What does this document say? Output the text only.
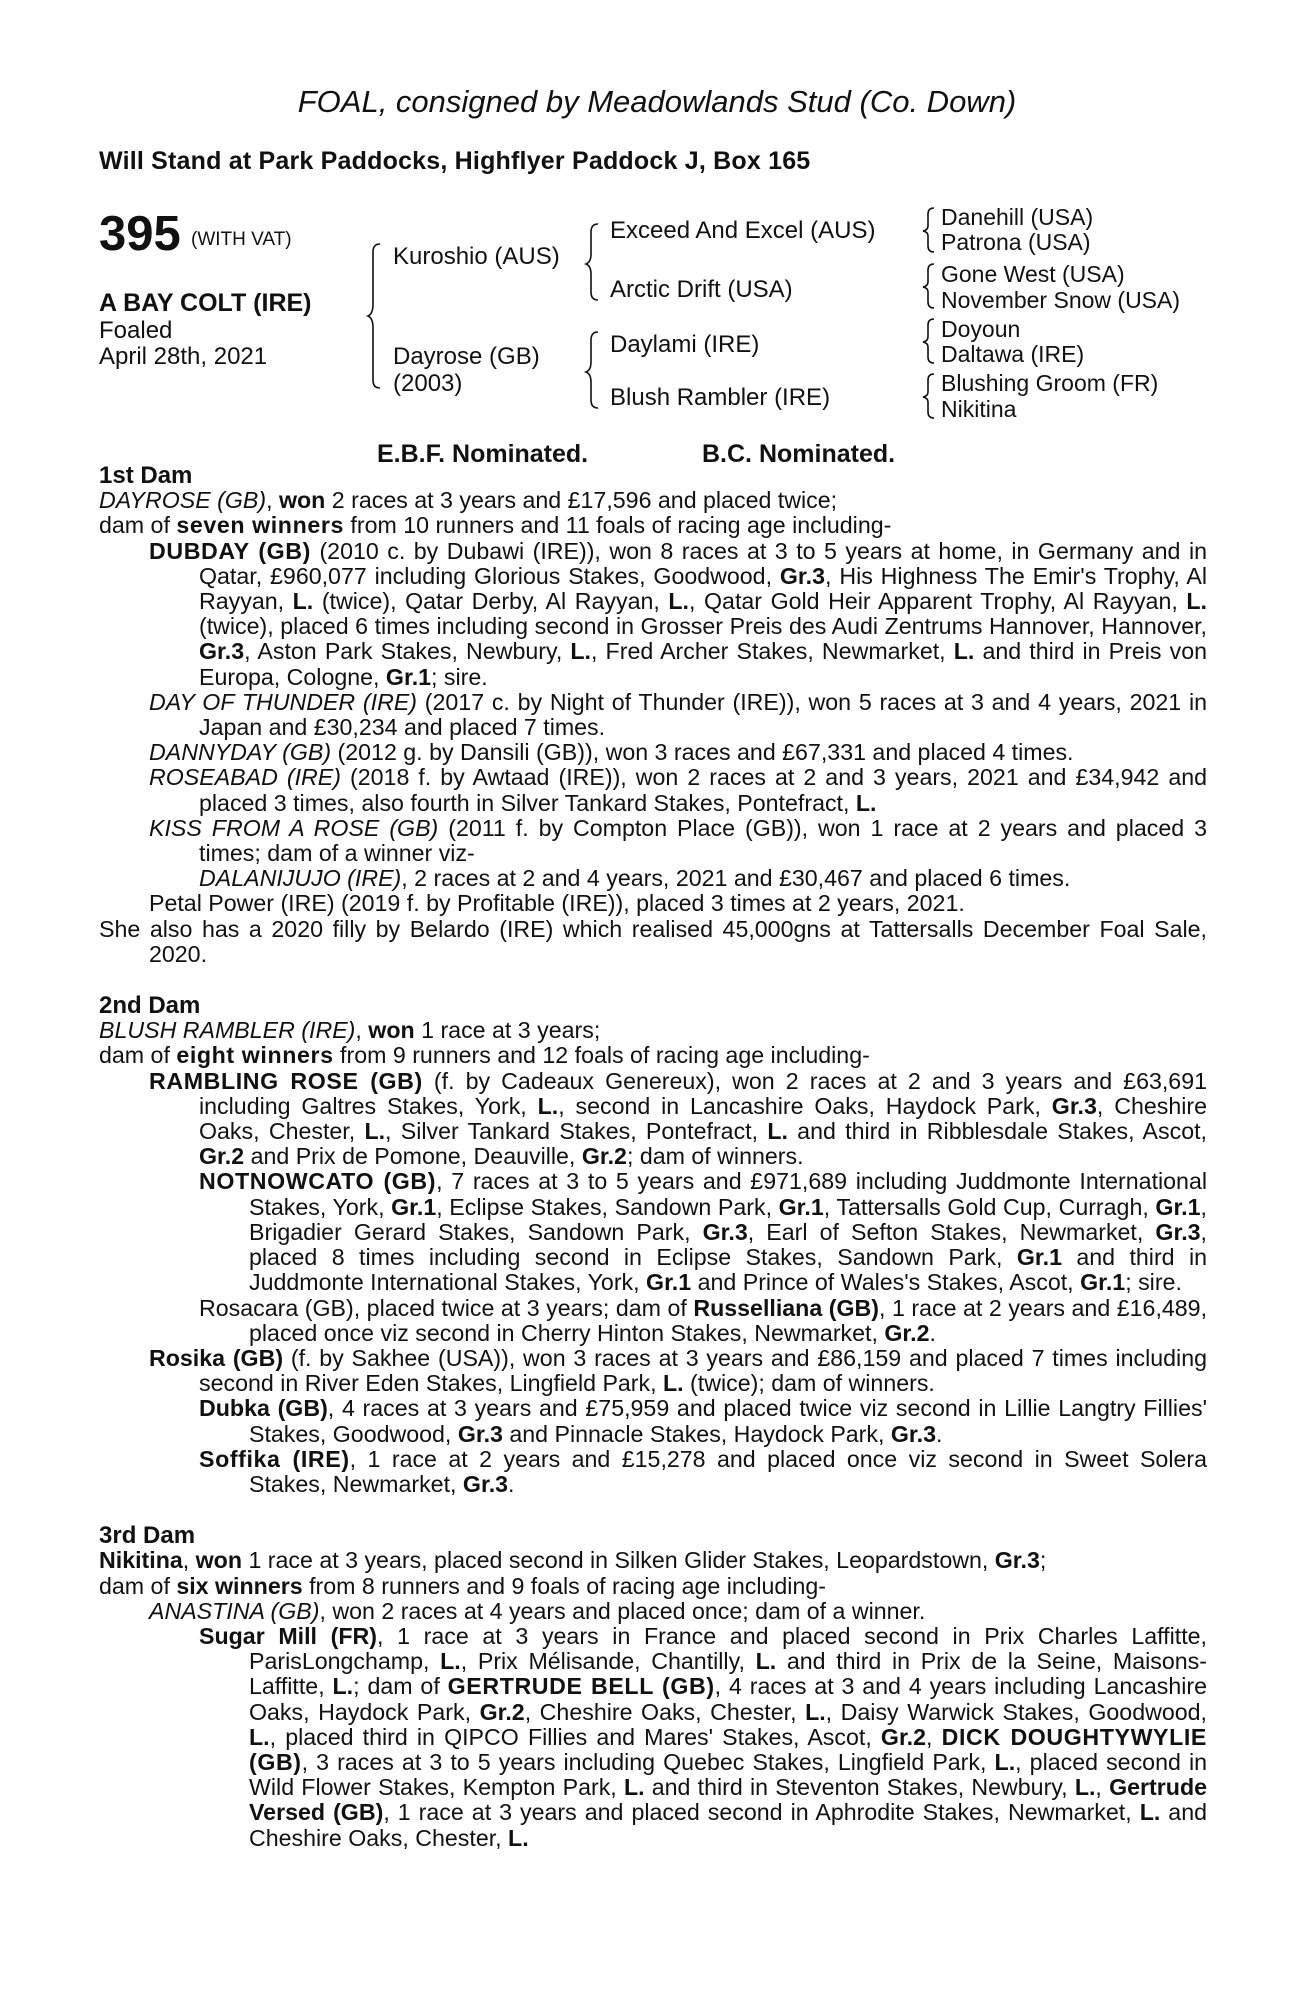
FOAL, consigned by Meadowlands Stud (Co. Down)
Will Stand at Park Paddocks, Highflyer Paddock J, Box 165
395 (WITH VAT)
A BAY COLT (IRE)
Foaled
April 28th, 2021
Kuroshio (AUS)
Dayrose (GB)
(2003)
Exceed And Excel (AUS)
Arctic Drift (USA)
Daylami (IRE)
Blush Rambler (IRE)
Danehill (USA)
Patrona (USA)
Gone West (USA)
November Snow (USA)
Doyoun
Daltawa (IRE)
Blushing Groom (FR)
Nikitina
E.B.F. Nominated.	B.C. Nominated.
1st Dam
DAYROSE (GB), won 2 races at 3 years and £17,596 and placed twice;
dam of seven winners from 10 runners and 11 foals of racing age including-
DUBDAY (GB) (2010 c. by Dubawi (IRE)), won 8 races at 3 to 5 years at home, in Germany and in Qatar, £960,077 including Glorious Stakes, Goodwood, Gr.3, His Highness The Emir's Trophy, Al Rayyan, L. (twice), Qatar Derby, Al Rayyan, L., Qatar Gold Heir Apparent Trophy, Al Rayyan, L. (twice), placed 6 times including second in Grosser Preis des Audi Zentrums Hannover, Hannover, Gr.3, Aston Park Stakes, Newbury, L., Fred Archer Stakes, Newmarket, L. and third in Preis von Europa, Cologne, Gr.1; sire.
DAY OF THUNDER (IRE) (2017 c. by Night of Thunder (IRE)), won 5 races at 3 and 4 years, 2021 in Japan and £30,234 and placed 7 times.
DANNYDAY (GB) (2012 g. by Dansili (GB)), won 3 races and £67,331 and placed 4 times.
ROSEABAD (IRE) (2018 f. by Awtaad (IRE)), won 2 races at 2 and 3 years, 2021 and £34,942 and placed 3 times, also fourth in Silver Tankard Stakes, Pontefract, L.
KISS FROM A ROSE (GB) (2011 f. by Compton Place (GB)), won 1 race at 2 years and placed 3 times; dam of a winner viz-
DALANIJUJO (IRE), 2 races at 2 and 4 years, 2021 and £30,467 and placed 6 times.
Petal Power (IRE) (2019 f. by Profitable (IRE)), placed 3 times at 2 years, 2021.
She also has a 2020 filly by Belardo (IRE) which realised 45,000gns at Tattersalls December Foal Sale, 2020.
2nd Dam
BLUSH RAMBLER (IRE), won 1 race at 3 years;
dam of eight winners from 9 runners and 12 foals of racing age including-
RAMBLING ROSE (GB) (f. by Cadeaux Genereux), won 2 races at 2 and 3 years and £63,691 including Galtres Stakes, York, L., second in Lancashire Oaks, Haydock Park, Gr.3, Cheshire Oaks, Chester, L., Silver Tankard Stakes, Pontefract, L. and third in Ribblesdale Stakes, Ascot, Gr.2 and Prix de Pomone, Deauville, Gr.2; dam of winners.
NOTNOWCATO (GB), 7 races at 3 to 5 years and £971,689 including Juddmonte International Stakes, York, Gr.1, Eclipse Stakes, Sandown Park, Gr.1, Tattersalls Gold Cup, Curragh, Gr.1, Brigadier Gerard Stakes, Sandown Park, Gr.3, Earl of Sefton Stakes, Newmarket, Gr.3, placed 8 times including second in Eclipse Stakes, Sandown Park, Gr.1 and third in Juddmonte International Stakes, York, Gr.1 and Prince of Wales's Stakes, Ascot, Gr.1; sire.
Rosacara (GB), placed twice at 3 years; dam of Russelliana (GB), 1 race at 2 years and £16,489, placed once viz second in Cherry Hinton Stakes, Newmarket, Gr.2.
Rosika (GB) (f. by Sakhee (USA)), won 3 races at 3 years and £86,159 and placed 7 times including second in River Eden Stakes, Lingfield Park, L. (twice); dam of winners.
Dubka (GB), 4 races at 3 years and £75,959 and placed twice viz second in Lillie Langtry Fillies' Stakes, Goodwood, Gr.3 and Pinnacle Stakes, Haydock Park, Gr.3.
Soffika (IRE), 1 race at 2 years and £15,278 and placed once viz second in Sweet Solera Stakes, Newmarket, Gr.3.
3rd Dam
Nikitina, won 1 race at 3 years, placed second in Silken Glider Stakes, Leopardstown, Gr.3;
dam of six winners from 8 runners and 9 foals of racing age including-
ANASTINA (GB), won 2 races at 4 years and placed once; dam of a winner.
Sugar Mill (FR), 1 race at 3 years in France and placed second in Prix Charles Laffitte, ParisLongchamp, L., Prix Mélisande, Chantilly, L. and third in Prix de la Seine, Maisons-Laffitte, L.; dam of GERTRUDE BELL (GB), 4 races at 3 and 4 years including Lancashire Oaks, Haydock Park, Gr.2, Cheshire Oaks, Chester, L., Daisy Warwick Stakes, Goodwood, L., placed third in QIPCO Fillies and Mares' Stakes, Ascot, Gr.2, DICK DOUGHTYWYLIE (GB), 3 races at 3 to 5 years including Quebec Stakes, Lingfield Park, L., placed second in Wild Flower Stakes, Kempton Park, L. and third in Steventon Stakes, Newbury, L., Gertrude Versed (GB), 1 race at 3 years and placed second in Aphrodite Stakes, Newmarket, L. and Cheshire Oaks, Chester, L.
